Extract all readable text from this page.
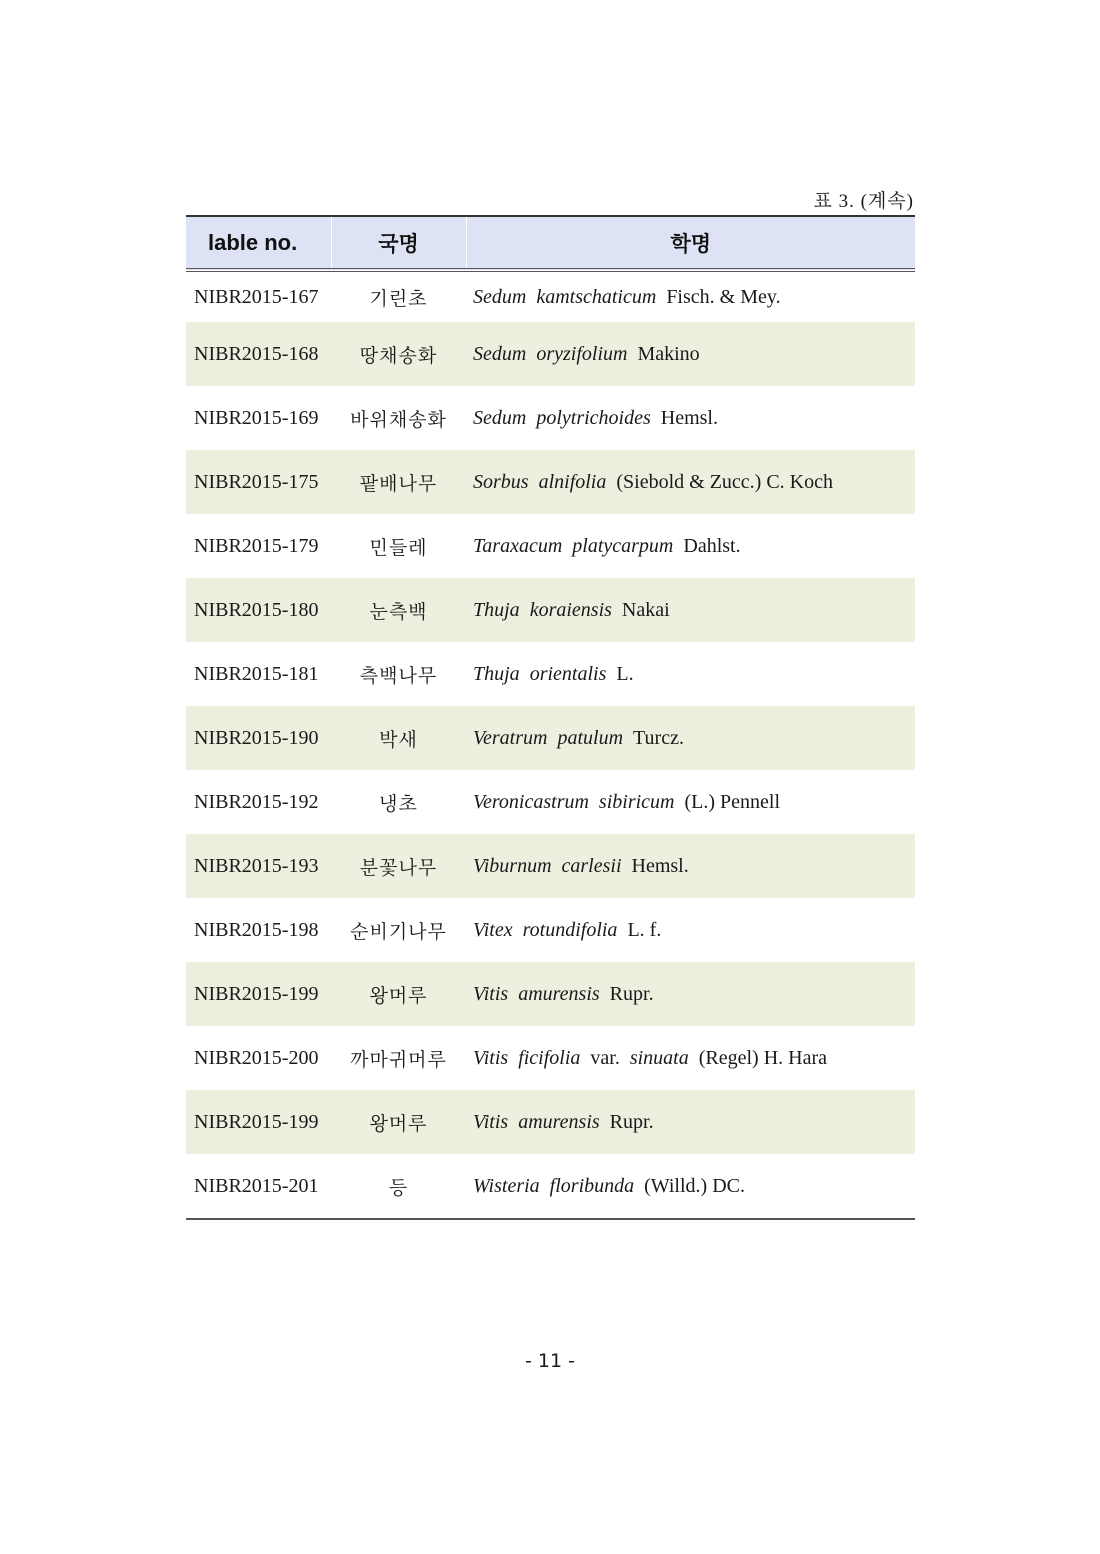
표 3. (계속)
lable no.	국명	학명
NIBR2015-167	기린초	Sedum kamtschaticum Fisch. & Mey.
NIBR2015-168	땅채송화	Sedum oryzifolium Makino
NIBR2015-169	바위채송화	Sedum polytrichoides Hemsl.
NIBR2015-175	팥배나무	Sorbus alnifolia (Siebold & Zucc.) C. Koch
NIBR2015-179	민들레	Taraxacum platycarpum Dahlst.
NIBR2015-180	눈측백	Thuja koraiensis Nakai
NIBR2015-181	측백나무	Thuja orientalis L.
NIBR2015-190	박새	Veratrum patulum Turcz.
NIBR2015-192	냉초	Veronicastrum sibiricum (L.) Pennell
NIBR2015-193	분꽃나무	Viburnum carlesii Hemsl.
NIBR2015-198	순비기나무	Vitex rotundifolia L. f.
NIBR2015-199	왕머루	Vitis amurensis Rupr.
NIBR2015-200	까마귀머루	Vitis ficifolia var. sinuata (Regel) H. Hara
NIBR2015-199	왕머루	Vitis amurensis Rupr.
NIBR2015-201	등	Wisteria floribunda (Willd.) DC.
- 11 -
